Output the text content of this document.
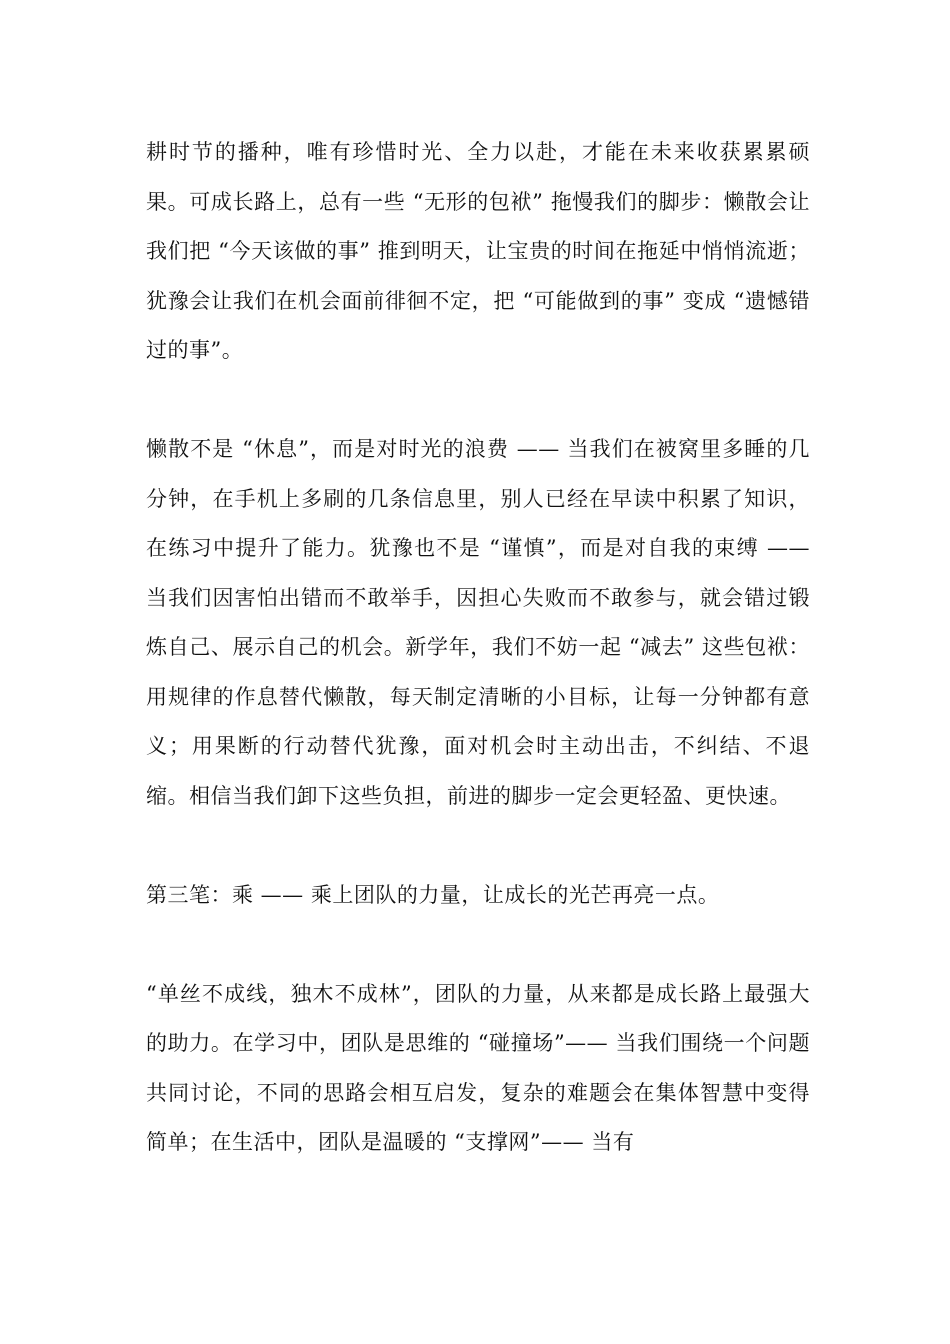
耕时节的播种，唯有珍惜时光、全力以赴，才能在未来收获累累硕果。可成长路上，总有一些 “无形的包袱” 拖慢我们的脚步：懒散会让我们把 “今天该做的事” 推到明天，让宝贵的时间在拖延中悄悄流逝；犹豫会让我们在机会面前徘徊不定，把 “可能做到的事” 变成 “遗憾错过的事”。

懒散不是 “休息”，而是对时光的浪费 —— 当我们在被窝里多睡的几分钟，在手机上多刷的几条信息里，别人已经在早读中积累了知识，在练习中提升了能力。犹豫也不是 “谨慎”，而是对自我的束缚 —— 当我们因害怕出错而不敢举手，因担心失败而不敢参与，就会错过锻炼自己、展示自己的机会。新学年，我们不妨一起 “减去” 这些包袱：用规律的作息替代懒散，每天制定清晰的小目标，让每一分钟都有意义；用果断的行动替代犹豫，面对机会时主动出击，不纠结、不退缩。相信当我们卸下这些负担，前进的脚步一定会更轻盈、更快速。

第三笔：乘 —— 乘上团队的力量，让成长的光芒再亮一点。

“单丝不成线，独木不成林”，团队的力量，从来都是成长路上最强大的助力。在学习中，团队是思维的 “碰撞场”—— 当我们围绕一个问题共同讨论，不同的思路会相互启发，复杂的难题会在集体智慧中变得简单；在生活中，团队是温暖的 “支撑网”—— 当有
